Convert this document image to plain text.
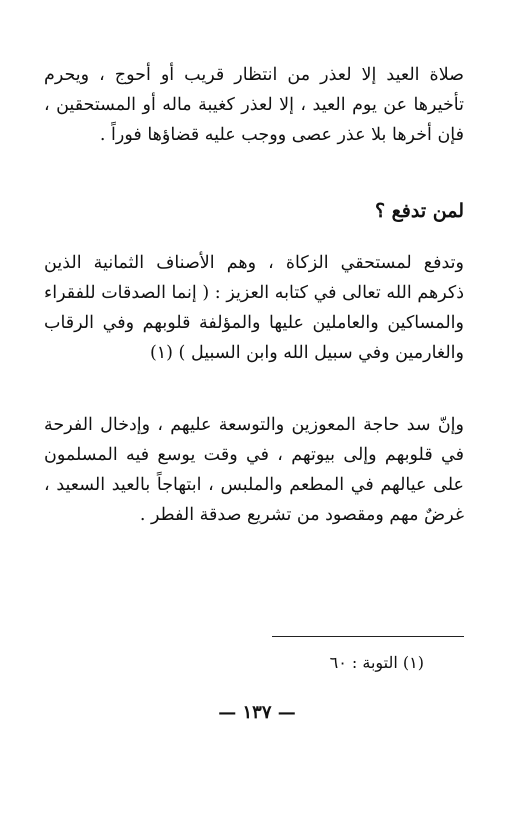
صلاة العيد إلا لعذر من انتظار قريب أو أحوج ، ويحرم تأخيرها عن يوم العيد ، إلا لعذر كغيبة ماله أو المستحقين ، فإن أخرها بلا عذر عصى ووجب عليه قضاؤها فوراً .

لمن تدفع ؟

وتدفع لمستحقي الزكاة ، وهم الأصناف الثمانية الذين ذكرهم الله تعالى في كتابه العزيز : ( إنما الصدقات للفقراء والمساكين والعاملين عليها والمؤلفة قلوبهم وفي الرقاب والغارمين وفي سبيل الله وابن السبيل ) (١)

وإنّ سد حاجة المعوزين والتوسعة عليهم ، وإدخال الفرحة في قلوبهم وإلى بيوتهم ، في وقت يوسع فيه المسلمون على عيالهم في المطعم والملبس ، ابتهاجاً بالعيد السعيد ، غرضٌ مهم ومقصود من تشريع صدقة الفطر .

(١) التوبة : ٦٠

— ١٣٧ —
